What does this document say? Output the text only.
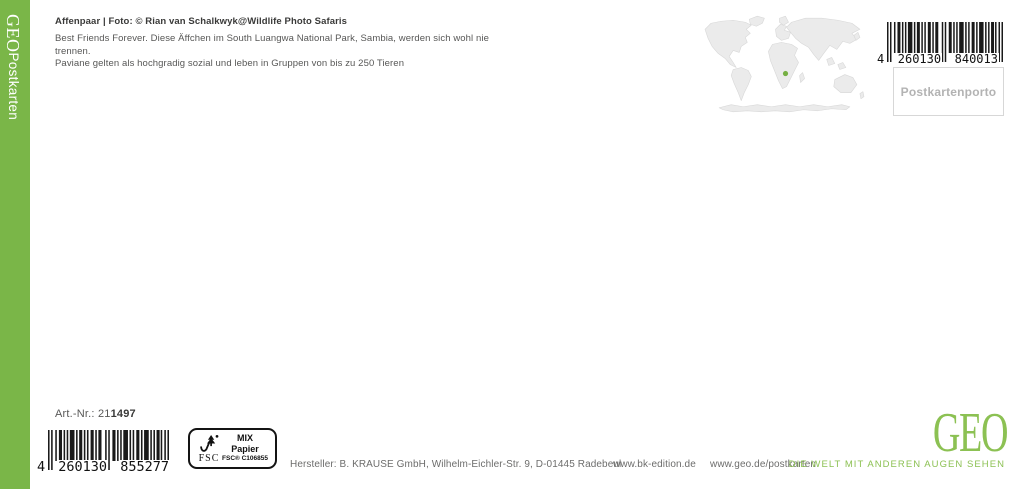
GEOPostkarten
Affenpaar | Foto: © Rian van Schalkwyk@Wildlife Photo Safaris
Best Friends Forever. Diese Äffchen im South Luangwa National Park, Sambia, werden sich wohl nie trennen.
Paviane gelten als hochgradig sozial und leben in Gruppen von bis zu 250 Tieren	4 260130 840013
Postkartenporto
Art.-Nr.: 211497
4 260130 855277
FSC
MIX
Papier
FSC® C106855
Hersteller: B. KRAUSE GmbH, Wilhelm-Eichler-Str. 9, D-01445 Radebeul
www.bk-edition.de www.geo.de/postkarten
GEO
DIE WELT MIT ANDEREN AUGEN SEHEN
